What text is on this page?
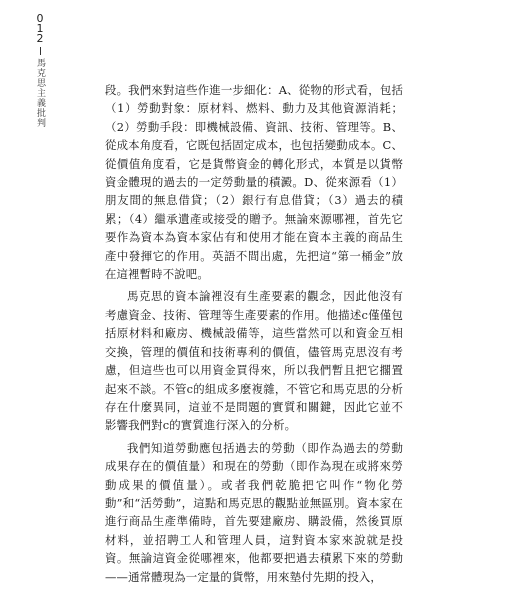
0
1
2
馬克思主義批判	段。我們來對這些作進一步細化：A、從物的形式看，包括（1）勞動對象：原材料、燃料、動力及其他資源消耗；（2）勞動手段：即機械設備、資訊、技術、管理等。B、從成本角度看，它既包括固定成本，也包括變動成本。C、從價值角度看，它是貨幣資金的轉化形式，本質是以貨幣資金體現的過去的一定勞動量的積澱。D、從來源看（1）朋友間的無息借貸；（2）銀行有息借貸；（3）過去的積累；（4）繼承遺產或接受的贈予。無論來源哪裡，首先它要作為資本為資本家佔有和使用才能在資本主義的商品生產中發揮它的作用。英語不間出處，先把這“第一桶金”放在這裡暫時不說吧。

馬克思的資本論裡沒有生產要素的觀念，因此他沒有考慮資金、技術、管理等生產要素的作用。他描述c僅僅包括原材料和廠房、機械設備等，這些當然可以和資金互相交換，管理的價值和技術專利的價值，儘管馬克思沒有考慮，但這些也可以用資金買得來，所以我們暫且把它擱置起來不談。不管c的組成多麼複雜，不管它和馬克思的分析存在什麼異同，這並不是問題的實質和關鍵，因此它並不影響我們對c的實質進行深入的分析。

我們知道勞動應包括過去的勞動（即作為過去的勞動成果存在的價值量）和現在的勞動（即作為現在或將來勞動成果的價值量）。或者我們乾脆把它叫作“物化勞動”和“活勞動”，這點和馬克思的觀點並無區別。資本家在進行商品生產準備時，首先要建廠房、購設備，然後買原材料，並招聘工人和管理人員，這對資本家來說就是投資。無論這資金從哪裡來，他都要把過去積累下來的勞動——通常體現為一定量的貨幣，用來墊付先期的投入，
